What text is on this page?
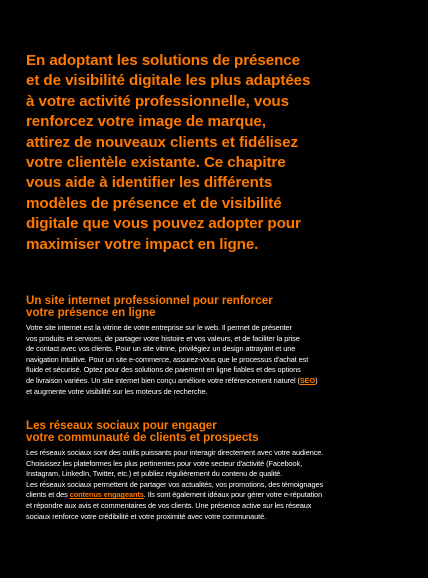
En adoptant les solutions de présence
et de visibilité digitale les plus adaptées
à votre activité professionnelle, vous
renforcez votre image de marque,
attirez de nouveaux clients et fidélisez
votre clientèle existante. Ce chapitre
vous aide à identifier les différents
modèles de présence et de visibilité
digitale que vous pouvez adopter pour
maximiser votre impact en ligne.

Un site internet professionnel pour renforcer
votre présence en ligne

Votre site internet est la vitrine de votre entreprise sur le web. Il permet de présenter
vos produits et services, de partager votre histoire et vos valeurs, et de faciliter la prise
de contact avec vos clients. Pour un site vitrine, privilégiez un design attrayant et une
navigation intuitive. Pour un site e-commerce, assurez-vous que le processus d'achat est
fluide et sécurisé. Optez pour des solutions de paiement en ligne fiables et des options
de livraison variées. Un site internet bien conçu améliore votre référencement naturel (SEO)
et augmente votre visibilité sur les moteurs de recherche.

Les réseaux sociaux pour engager
votre communauté de clients et prospects

Les réseaux sociaux sont des outils puissants pour interagir directement avec votre audience.
Choisissez les plateformes les plus pertinentes pour votre secteur d'activité (Facebook,
Instagram, LinkedIn, Twitter, etc.) et publiez régulièrement du contenu de qualité.
Les réseaux sociaux permettent de partager vos actualités, vos promotions, des témoignages
clients et des contenus engageants. Ils sont également idéaux pour gérer votre e-réputation
et répondre aux avis et commentaires de vos clients. Une présence active sur les réseaux
sociaux renforce votre crédibilité et votre proximité avec votre communauté.
